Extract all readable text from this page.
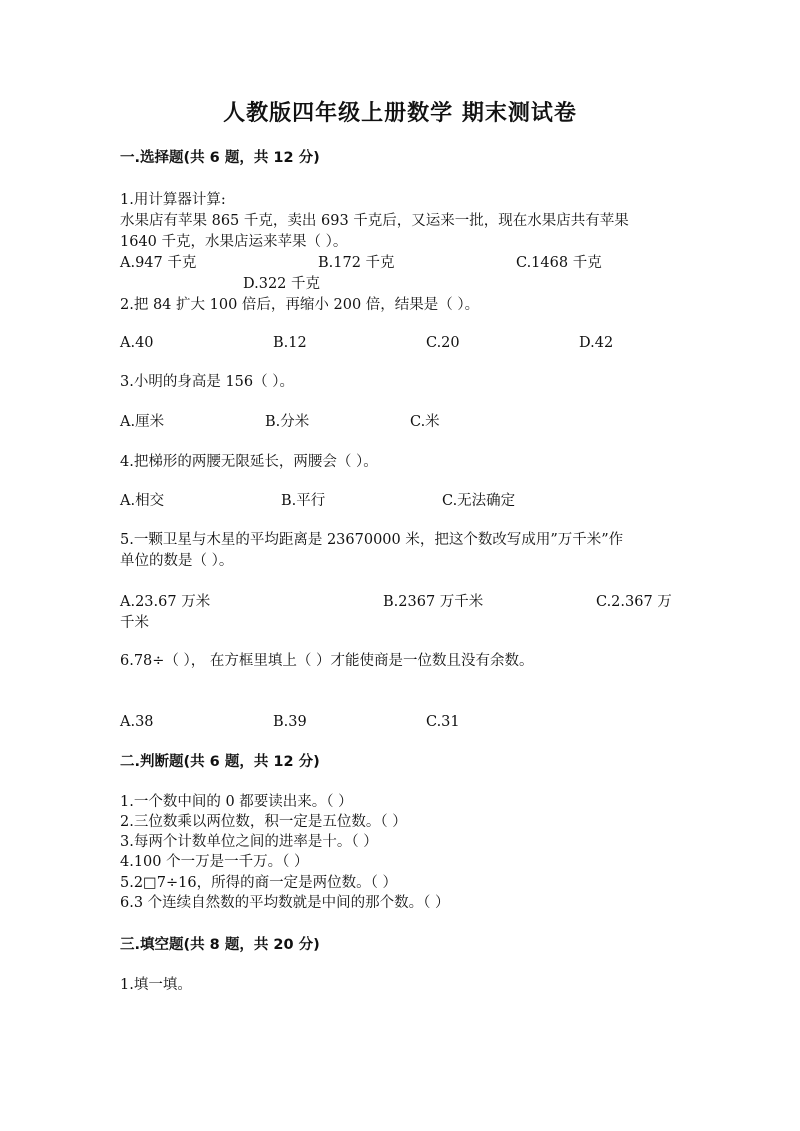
人教版四年级上册数学 期末测试卷
一.选择题(共 6 题，共 12 分)
1.用计算器计算:
水果店有苹果 865 千克，卖出 693 千克后，又运来一批，现在水果店共有苹果
1640 千克，水果店运来苹果（ ）。
A.947 千克	B.172 千克	C.1468 千克
D.322 千克
2.把 84 扩大 100 倍后，再缩小 200 倍，结果是（ ）。
A.40	B.12	C.20	D.42
3.小明的身高是 156（ ）。
A.厘米	B.分米	C.米
4.把梯形的两腰无限延长，两腰会（ ）。
A.相交	B.平行	C.无法确定
5.一颗卫星与木星的平均距离是 23670000 米，把这个数改写成用”万千米”作
单位的数是（ ）。
A.23.67 万米	B.2367 万千米	C.2.367 万
千米
6.78÷（ ）， 在方框里填上（ ）才能使商是一位数且没有余数。
A.38	B.39	C.31
二.判断题(共 6 题，共 12 分)
1.一个数中间的 0 都要读出来。（ ）
2.三位数乘以两位数，积一定是五位数。（ ）
3.每两个计数单位之间的进率是十。（ ）
4.100 个一万是一千万。（ ）
5.2□7÷16，所得的商一定是两位数。（ ）
6.3 个连续自然数的平均数就是中间的那个数。（ ）
三.填空题(共 8 题，共 20 分)
1.填一填。
